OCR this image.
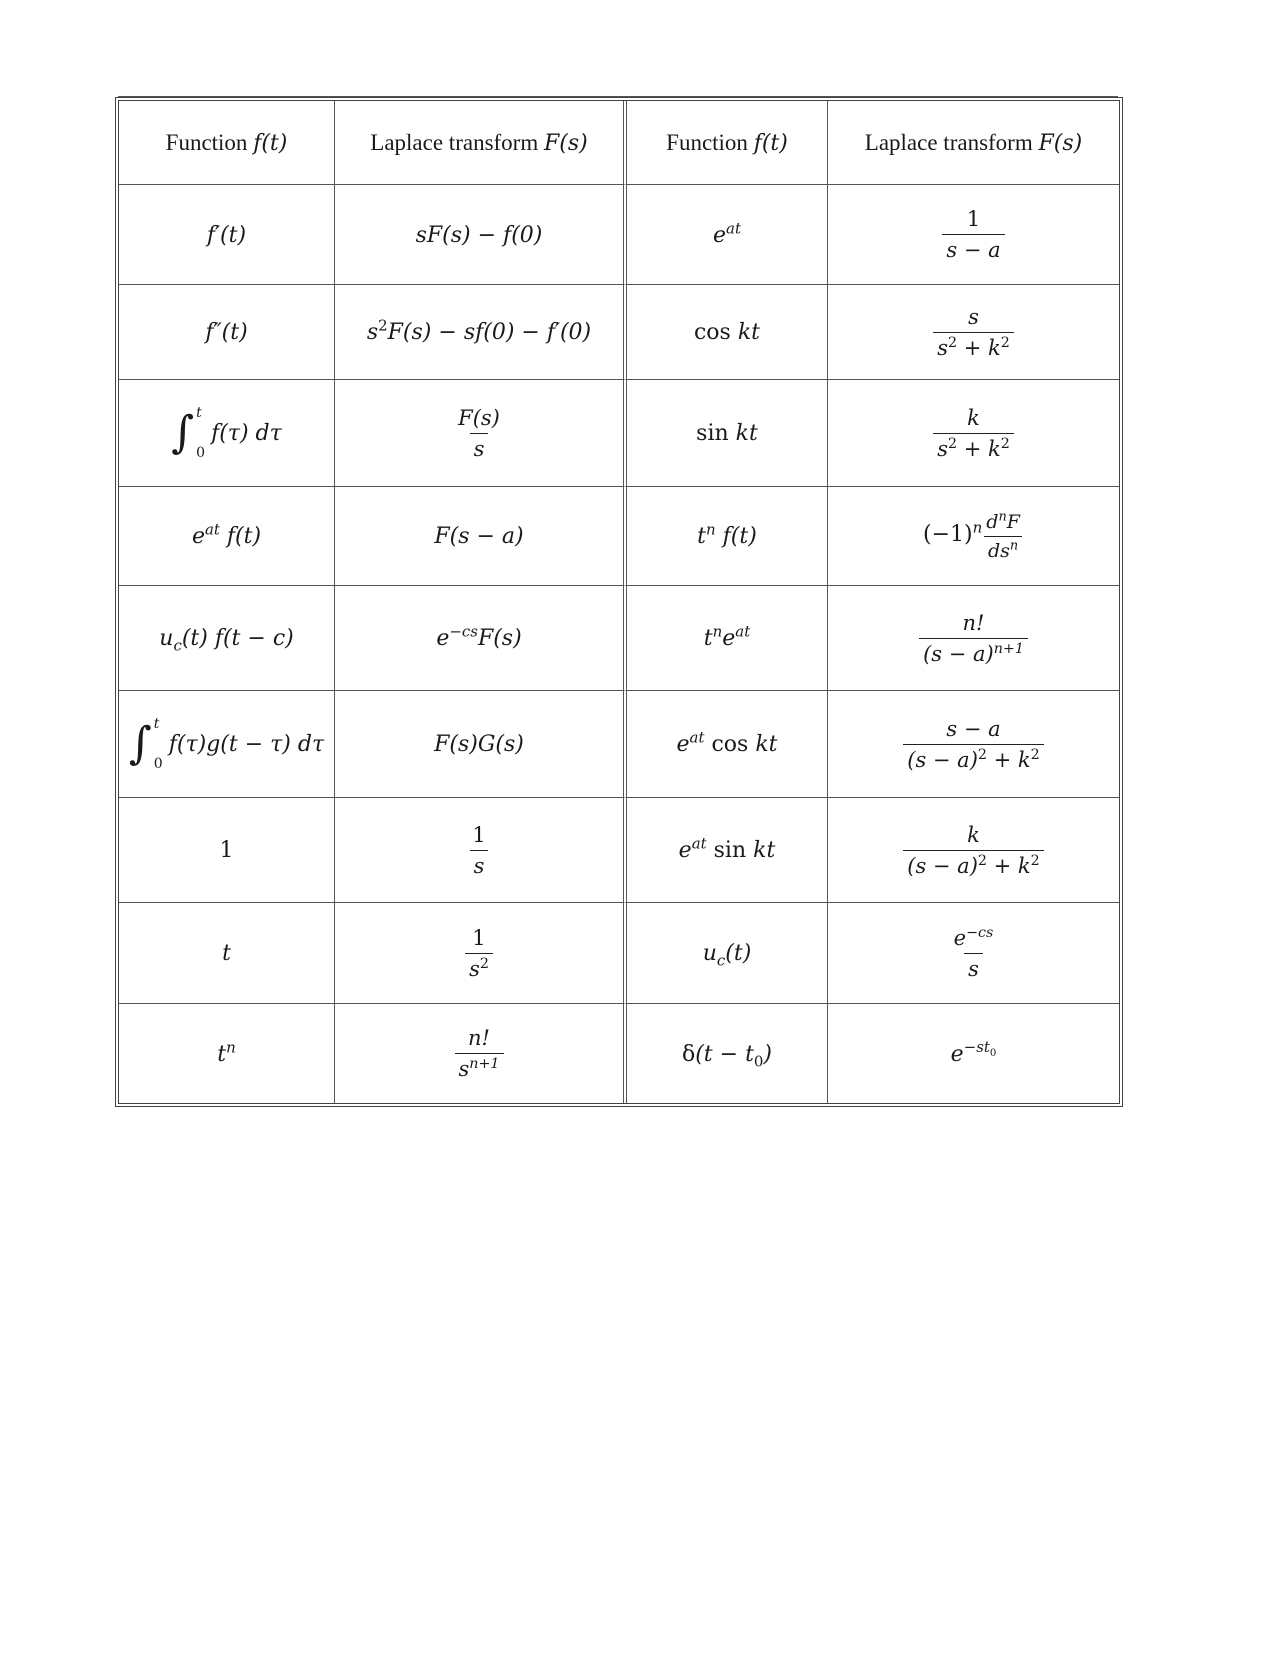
Function f(t)	Laplace transform F(s)	Function f(t)	Laplace transform F(s)
f′(t)	sF(s) − f(0)	$e^{at}$	$\frac{1}{s - a}$

f″(t)	$s^2F(s) - sf(0) - f'(0)$	cos kt	$\frac{s}{s^2 + k^2}$

∫ t
0
f(τ) dτ	$\frac{F(s)}{s}$	sin kt	$\frac{k}{s^2 + k^2}$

$e^{at}$ f(t)	F(s − a)	$t^n$ f(t)	$(-1)^n \frac{d^nF}{ds^n}$

$u_c(t) f(t - c)$	$e^{-cs}F(s)$	$t^ne^{at}$	$\frac{n!}{(s - a)^{n+1}}$

∫ t
0
f(τ)g(t − τ) dτ	F(s)G(s)	$e^{at}$ cos kt	$\frac{s - a}{(s - a)^2 + k^2}$

1	$\frac{1}{s}$	$e^{at}$ sin kt	$\frac{k}{(s - a)^2 + k^2}$

t	$\frac{1}{s^2}$	$u_c(t)$	$\frac{e^{-cs}}{s}$

$t^n$	$\frac{n!}{s^{n+1}}$	$\delta(t - t_0)$	$e^{-st_0}$
